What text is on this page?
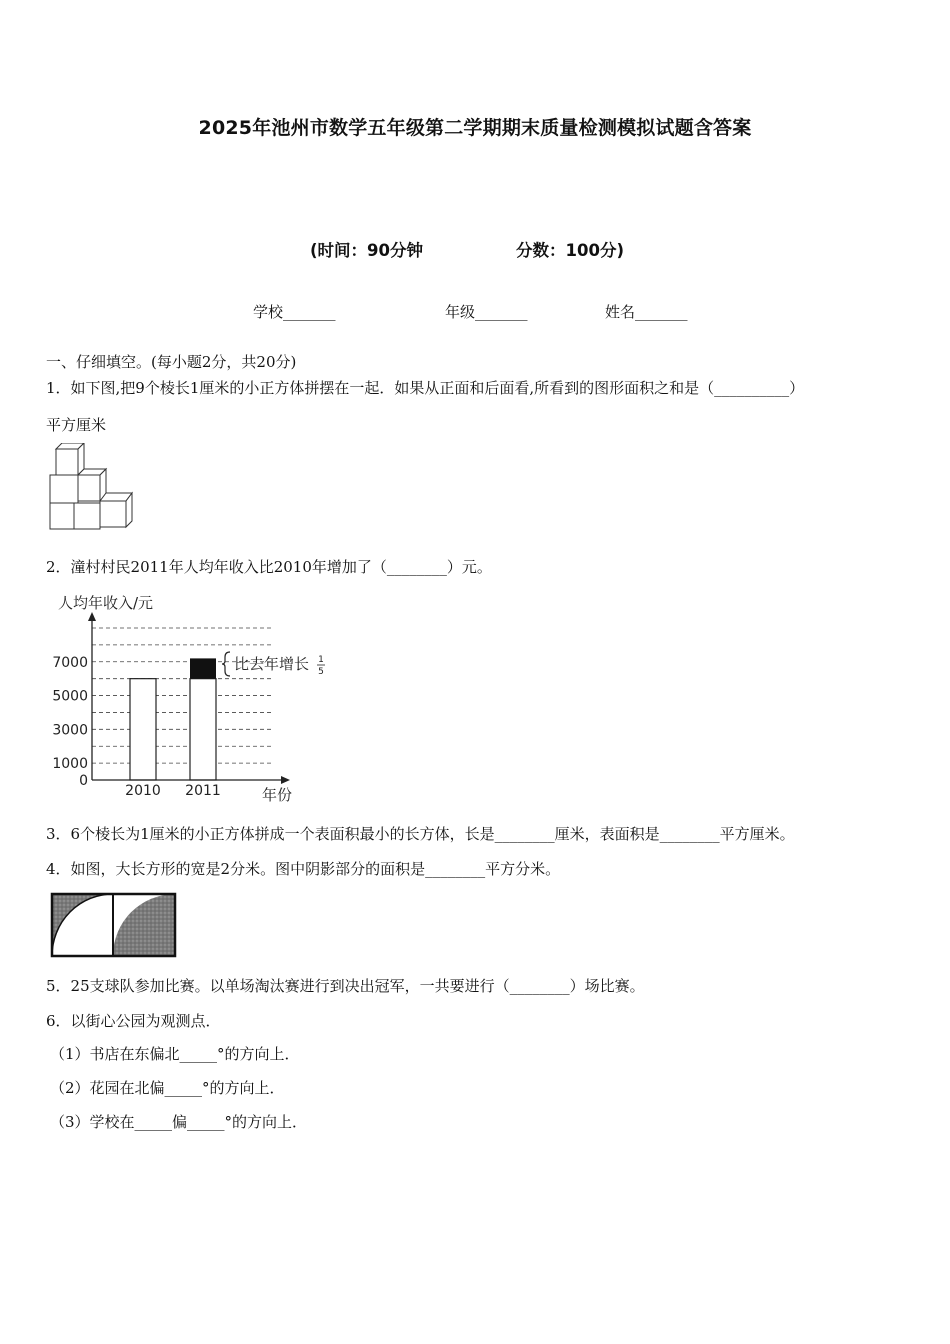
2025年池州市数学五年级第二学期期末质量检测模拟试题含答案
(时间：90分钟	分数：100分)
学校_______	年级_______	姓名_______
一、仔细填空。(每小题2分，共20分)
1．如下图,把9个棱长1厘米的小正方体拼摆在一起．如果从正面和后面看,所看到的图形面积之和是（__________）
平方厘米
2．潼村村民2011年人均年收入比2010年增加了（________）元。
人均年收入/元
年份
0
1000
3000
5000
7000
2010 2011
比去年增长 1
5
3．6个棱长为1厘米的小正方体拼成一个表面积最小的长方体，长是________厘米，表面积是________平方厘米。
4．如图，大长方形的宽是2分米。图中阴影部分的面积是________平方分米。
5．25支球队参加比赛。以单场淘汰赛进行到决出冠军，一共要进行（________）场比赛。
6．以街心公园为观测点．
（1）书店在东偏北_____°的方向上．
（2）花园在北偏_____°的方向上．
（3）学校在_____偏_____°的方向上．
